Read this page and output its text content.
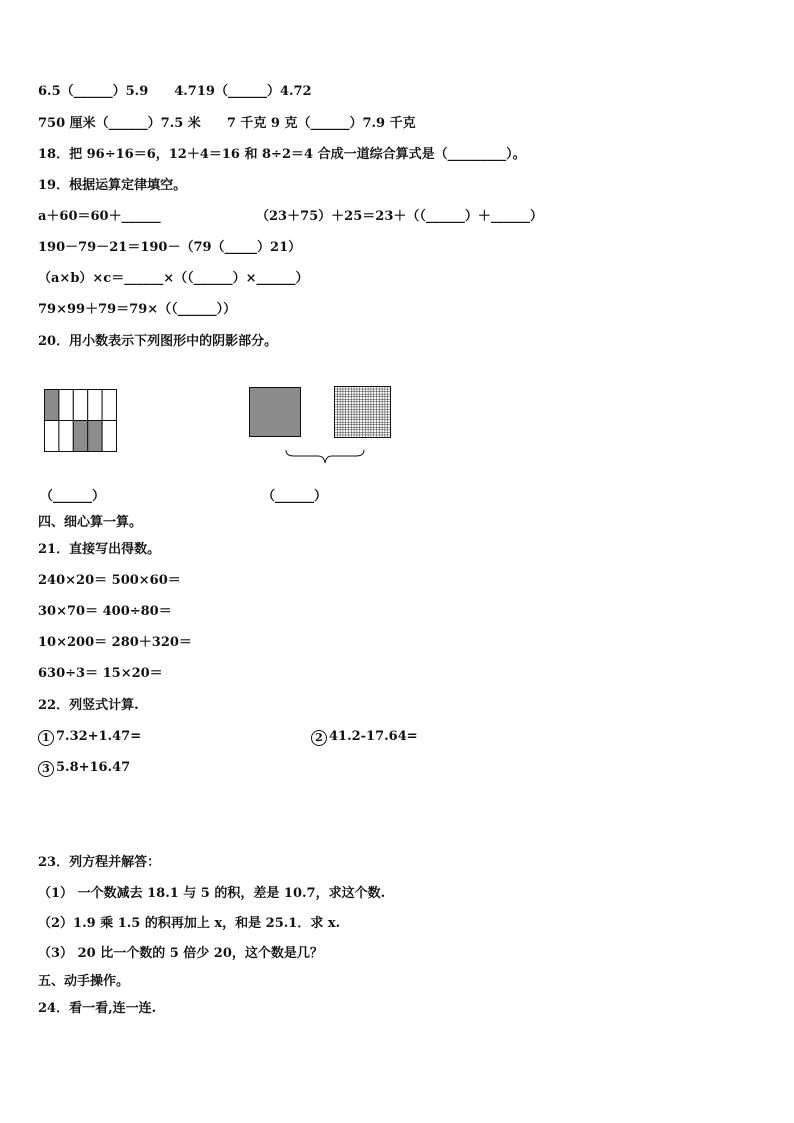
6.5（______）5.9 4.719（______）4.72
750 厘米（______）7.5 米 7 千克 9 克（______）7.9 千克
18．把 96÷16＝6，12＋4＝16 和 8÷2＝4 合成一道综合算式是（_________）。
19．根据运算定律填空。
a＋60＝60＋______	（23＋75）＋25＝23＋（（______）＋______）
190－79－21＝190－（79（_____）21）
（a×b）×c＝______×（（______）×______）
79×99＋79＝79×（（______））
20．用小数表示下列图形中的阴影部分。
（______）	（______）
四、细心算一算。
21．直接写出得数。
240×20＝ 500×60＝
30×70＝ 400÷80＝
10×200＝ 280＋320＝
630÷3＝ 15×20＝
22．列竖式计算.
1 7.32+1.47=	2 41.2-17.64=
3 5.8+16.47
23．列方程并解答：
（1） 一个数减去 18.1 与 5 的积，差是 10.7，求这个数.
（2）1.9 乘 1.5 的积再加上 x，和是 25.1．求 x.
（3） 20 比一个数的 5 倍少 20，这个数是几？
五、动手操作。
24．看一看,连一连.
